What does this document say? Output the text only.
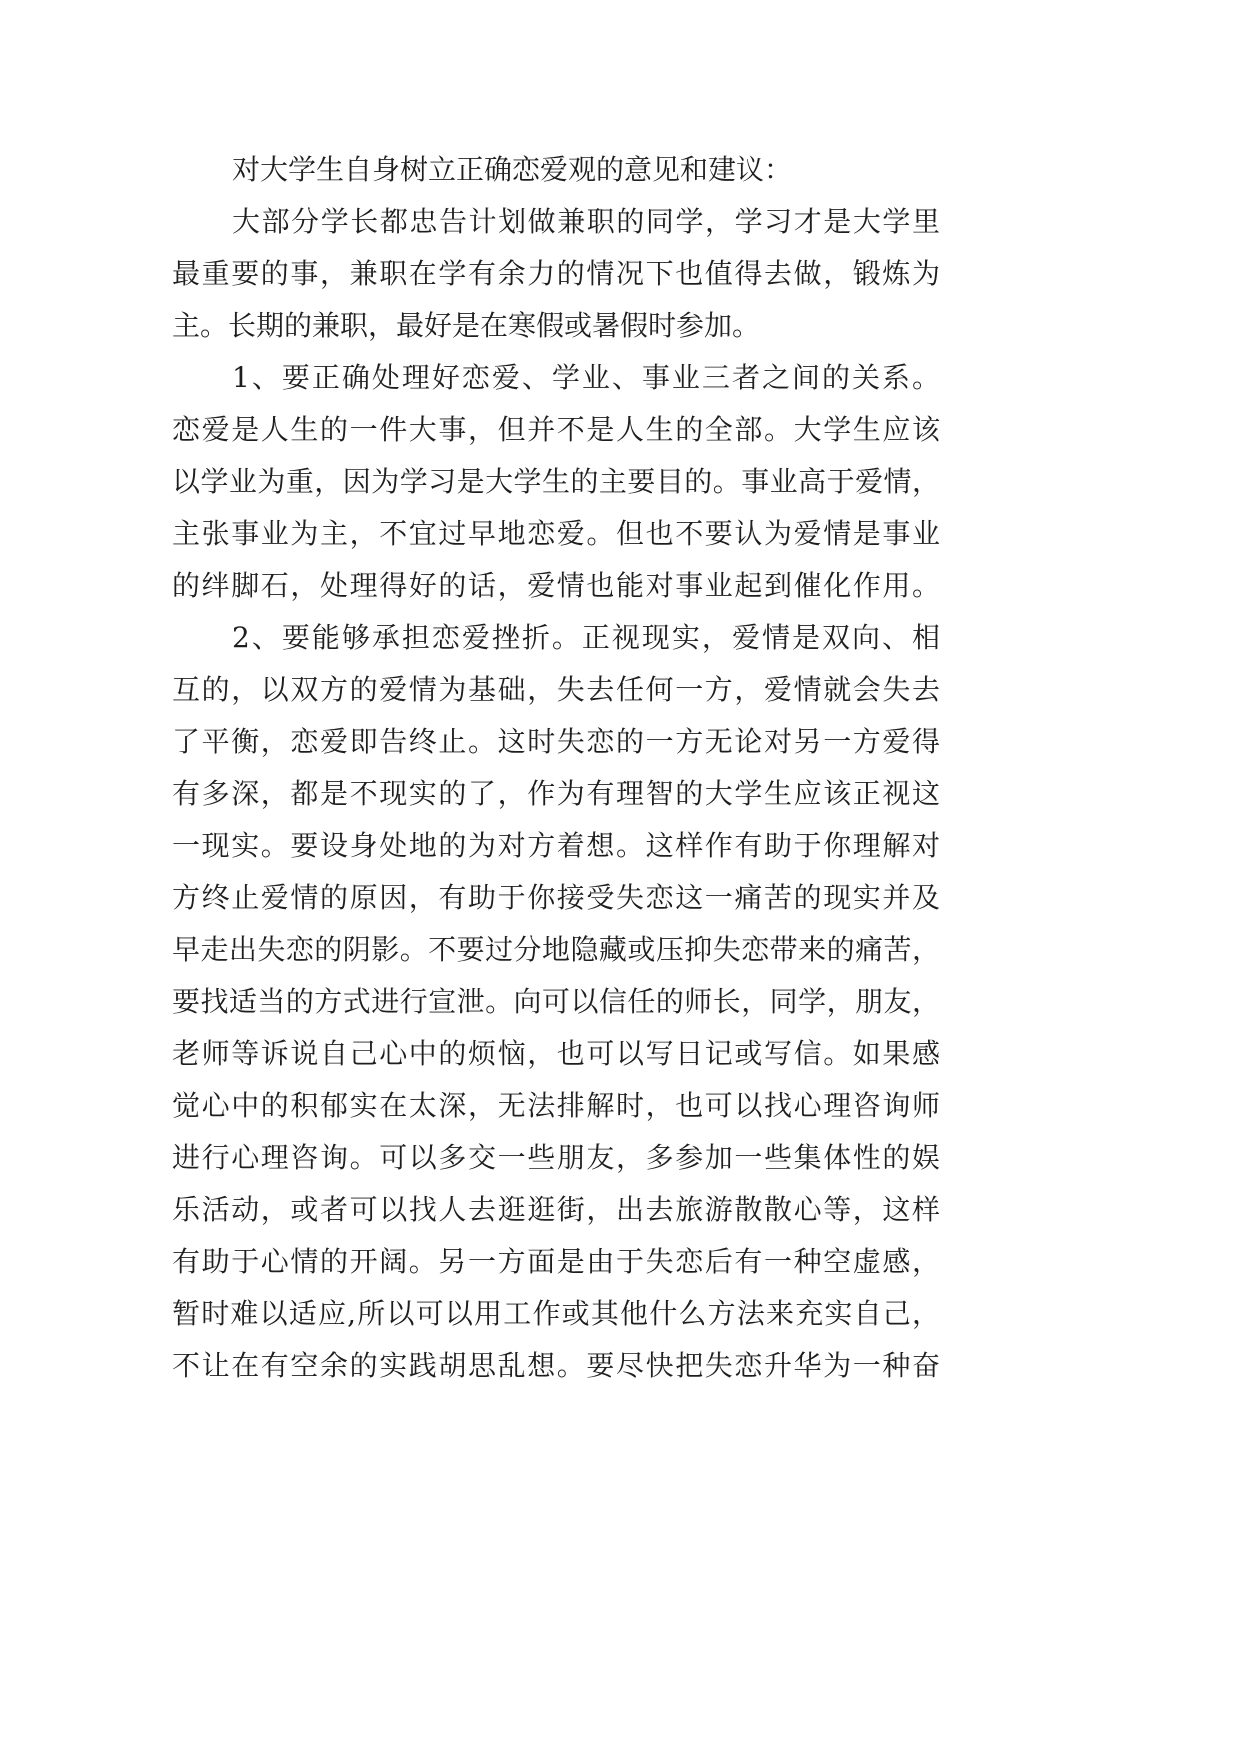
对大学生自身树立正确恋爱观的意见和建议：
大部分学长都忠告计划做兼职的同学，学习才是大学里
最重要的事，兼职在学有余力的情况下也值得去做，锻炼为
主。长期的兼职，最好是在寒假或暑假时参加。
1、要正确处理好恋爱、学业、事业三者之间的关系。
恋爱是人生的一件大事，但并不是人生的全部。大学生应该
以学业为重，因为学习是大学生的主要目的。事业高于爱情，
主张事业为主，不宜过早地恋爱。但也不要认为爱情是事业
的绊脚石，处理得好的话，爱情也能对事业起到催化作用。
2、要能够承担恋爱挫折。正视现实，爱情是双向、相
互的，以双方的爱情为基础，失去任何一方，爱情就会失去
了平衡，恋爱即告终止。这时失恋的一方无论对另一方爱得
有多深，都是不现实的了，作为有理智的大学生应该正视这
一现实。要设身处地的为对方着想。这样作有助于你理解对
方终止爱情的原因，有助于你接受失恋这一痛苦的现实并及
早走出失恋的阴影。不要过分地隐藏或压抑失恋带来的痛苦，
要找适当的方式进行宣泄。向可以信任的师长，同学，朋友，
老师等诉说自己心中的烦恼，也可以写日记或写信。如果感
觉心中的积郁实在太深，无法排解时，也可以找心理咨询师
进行心理咨询。可以多交一些朋友，多参加一些集体性的娱
乐活动，或者可以找人去逛逛街，出去旅游散散心等，这样
有助于心情的开阔。另一方面是由于失恋后有一种空虚感，
暂时难以适应,所以可以用工作或其他什么方法来充实自己，
不让在有空余的实践胡思乱想。要尽快把失恋升华为一种奋
